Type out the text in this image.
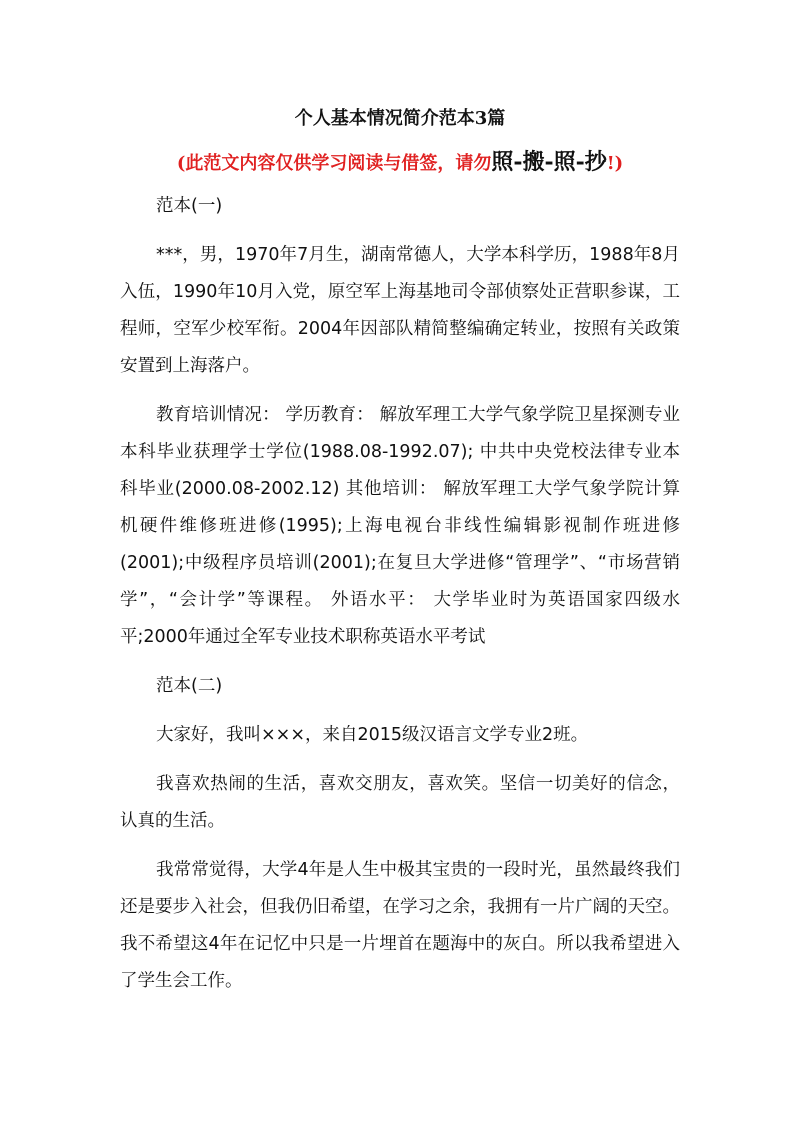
个人基本情况简介范本3篇
(此范文内容仅供学习阅读与借签，请勿照-搬-照-抄!)

范本(一)

***，男，1970年7月生，湖南常德人，大学本科学历，1988年8月入伍，1990年10月入党，原空军上海基地司令部侦察处正营职参谋，工程师，空军少校军衔。2004年因部队精简整编确定转业，按照有关政策安置到上海落户。

教育培训情况： 学历教育： 解放军理工大学气象学院卫星探测专业本科毕业获理学士学位(1988.08-1992.07); 中共中央党校法律专业本科毕业(2000.08-2002.12) 其他培训： 解放军理工大学气象学院计算机硬件维修班进修(1995);上海电视台非线性编辑影视制作班进修(2001);中级程序员培训(2001);在复旦大学进修“管理学”、“市场营销学”，“会计学”等课程。 外语水平： 大学毕业时为英语国家四级水平;2000年通过全军专业技术职称英语水平考试

范本(二)

大家好，我叫×××，来自2015级汉语言文学专业2班。

我喜欢热闹的生活，喜欢交朋友，喜欢笑。坚信一切美好的信念，认真的生活。

我常常觉得，大学4年是人生中极其宝贵的一段时光，虽然最终我们还是要步入社会，但我仍旧希望，在学习之余，我拥有一片广阔的天空。我不希望这4年在记忆中只是一片埋首在题海中的灰白。所以我希望进入了学生会工作。
